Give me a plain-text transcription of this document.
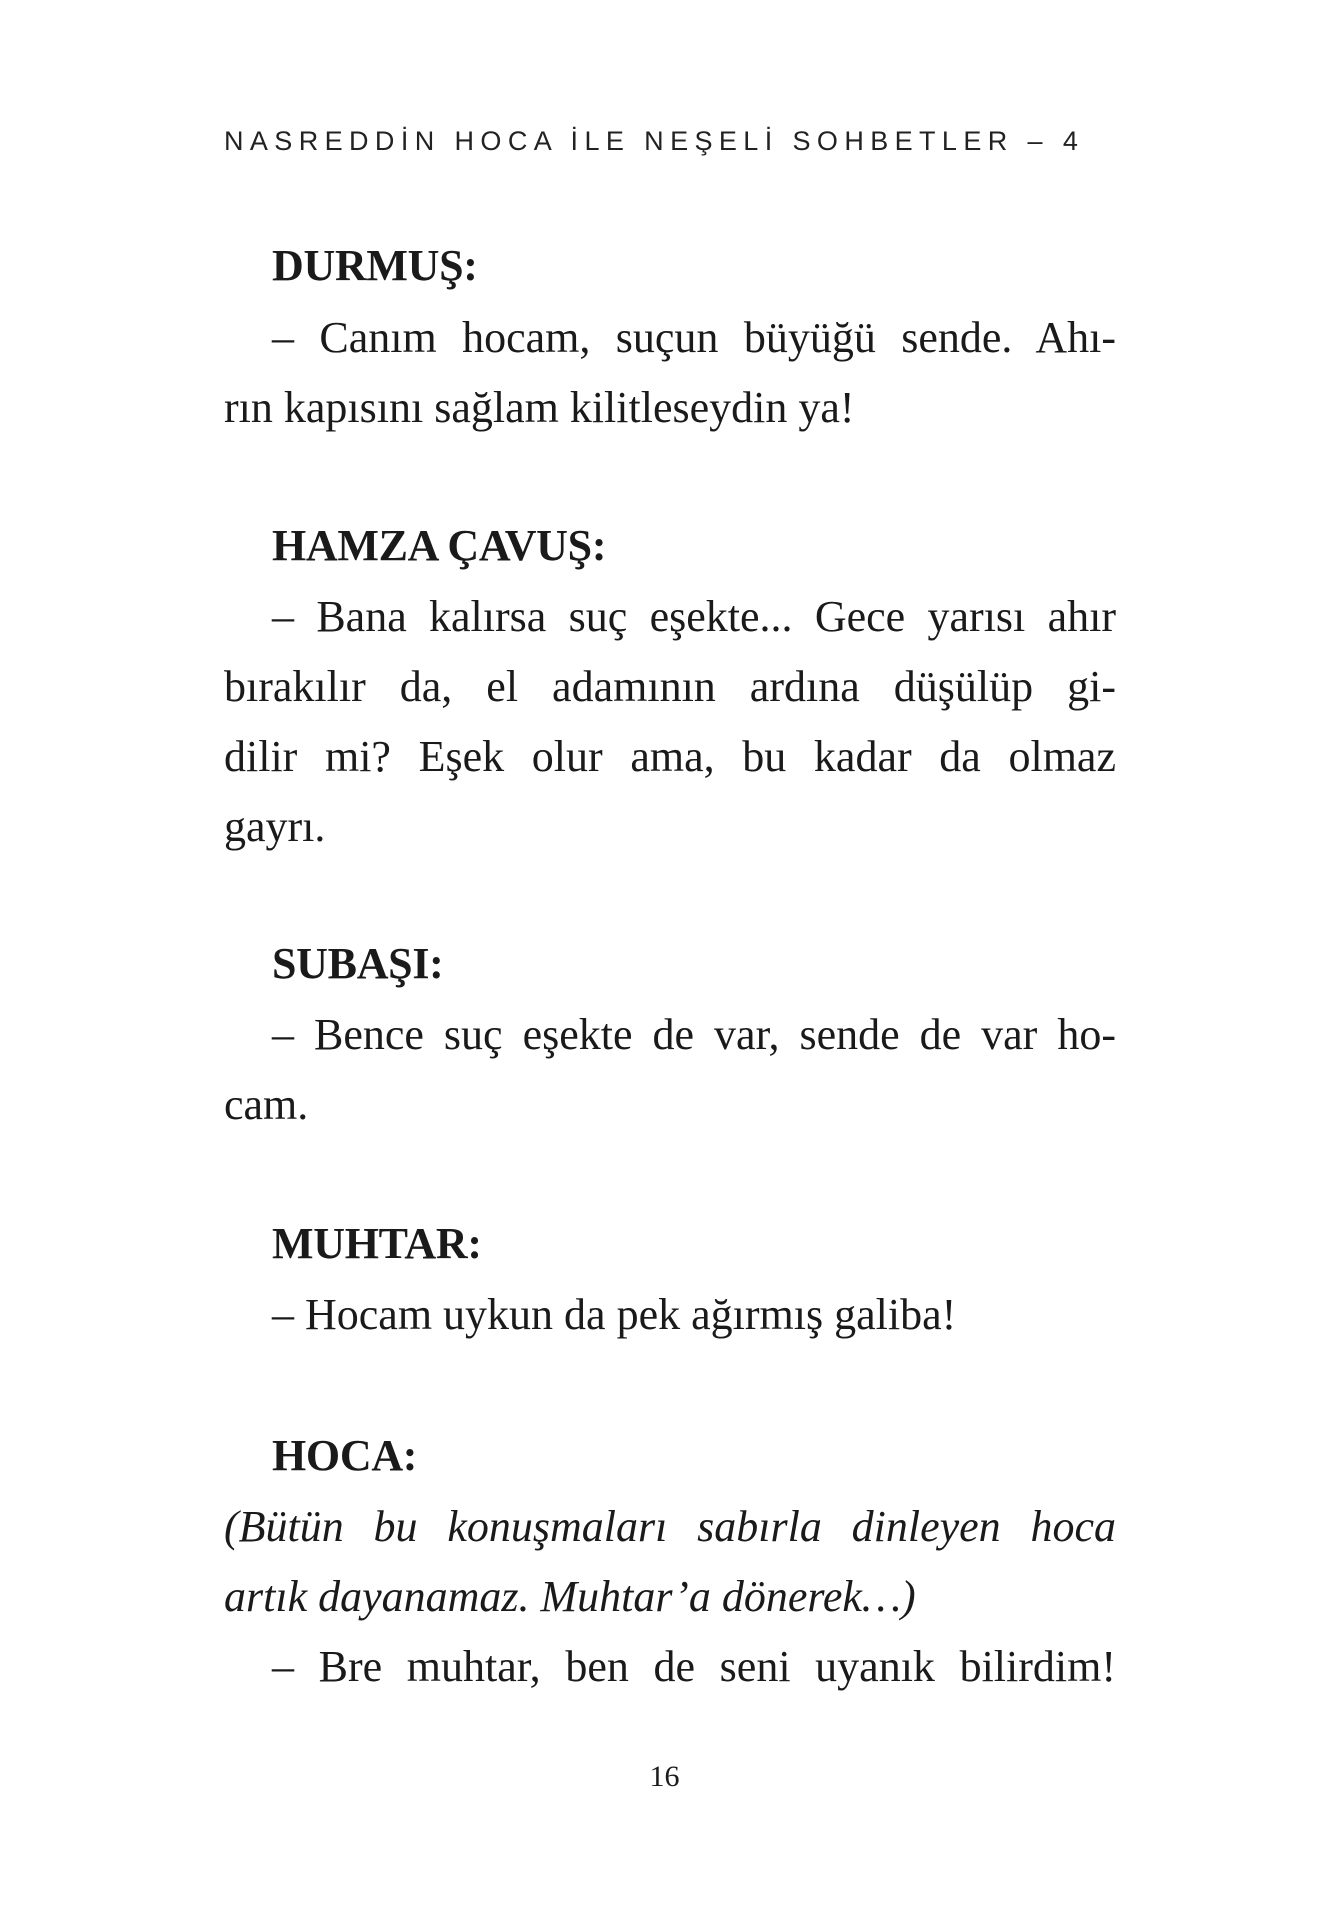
NASREDDİN HOCA İLE NEŞELİ SOHBETLER – 4
DURMUŞ:
– Canım hocam, suçun büyüğü sende. Ahı-
rın kapısını sağlam kilitleseydin ya!
HAMZA ÇAVUŞ:
– Bana kalırsa suç eşekte... Gece yarısı ahır
bırakılır da, el adamının ardına düşülüp gi-
dilir mi? Eşek olur ama, bu kadar da olmaz
gayrı.
SUBAŞI:
– Bence suç eşekte de var, sende de var ho-
cam.
MUHTAR:
– Hocam uykun da pek ağırmış galiba!
HOCA:
(Bütün bu konuşmaları sabırla dinleyen hoca
artık dayanamaz. Muhtar’a dönerek…)
– Bre muhtar, ben de seni uyanık bilirdim!
16
